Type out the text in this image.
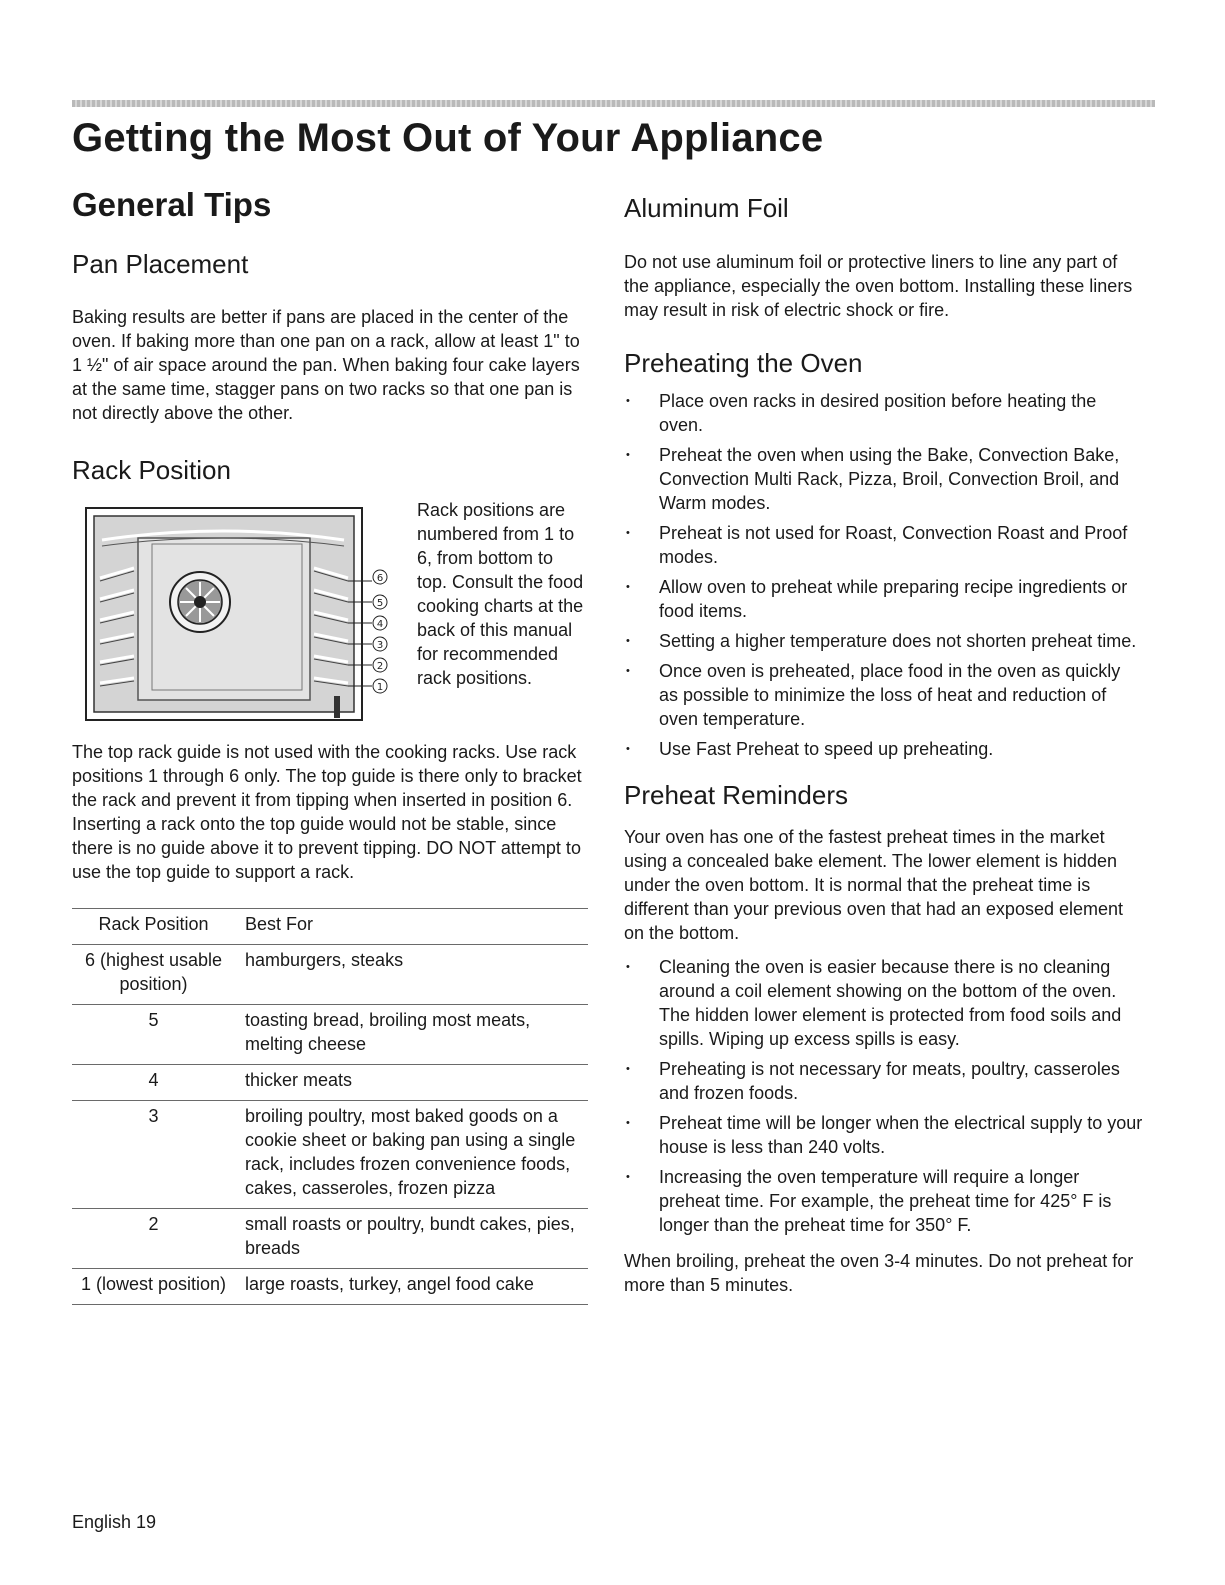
Getting the Most Out of Your Appliance
General Tips
Pan Placement

Baking results are better if pans are placed in the center of the oven. If baking more than one pan on a rack, allow at least 1" to 1 ½" of air space around the pan. When baking four cake layers at the same time, stagger pans on two racks so that one pan is not directly above the other.

Rack Position
6
5
4
3
2
1
Rack positions are numbered from 1 to 6, from bottom to top. Consult the food cooking charts at the back of this manual for recommended rack positions.

The top rack guide is not used with the cooking racks. Use rack positions 1 through 6 only. The top guide is there only to bracket the rack and prevent it from tipping when inserted in position 6. Inserting a rack onto the top guide would not be stable, since there is no guide above it to prevent tipping. DO NOT attempt to use the top guide to support a rack.

Rack Position	Best For
6 (highest usable position)	hamburgers, steaks
5	toasting bread, broiling most meats, melting cheese
4	thicker meats
3	broiling poultry, most baked goods on a cookie sheet or baking pan using a single rack, includes frozen convenience foods, cakes, casseroles, frozen pizza
2	small roasts or poultry, bundt cakes, pies, breads
1 (lowest position)	large roasts, turkey, angel food cake
Aluminum Foil

Do not use aluminum foil or protective liners to line any part of the appliance, especially the oven bottom. Installing these liners may result in risk of electric shock or fire.

Preheating the Oven
• Place oven racks in desired position before heating the oven.
• Preheat the oven when using the Bake, Convection Bake, Convection Multi Rack, Pizza, Broil, Convection Broil, and Warm modes.
• Preheat is not used for Roast, Convection Roast and Proof modes.
• Allow oven to preheat while preparing recipe ingredients or food items.
• Setting a higher temperature does not shorten preheat time.
• Once oven is preheated, place food in the oven as quickly as possible to minimize the loss of heat and reduction of oven temperature.
• Use Fast Preheat to speed up preheating.
Preheat Reminders

Your oven has one of the fastest preheat times in the market using a concealed bake element. The lower element is hidden under the oven bottom. It is normal that the preheat time is different than your previous oven that had an exposed element on the bottom.

• Cleaning the oven is easier because there is no cleaning around a coil element showing on the bottom of the oven. The hidden lower element is protected from food soils and spills. Wiping up excess spills is easy.
• Preheating is not necessary for meats, poultry, casseroles and frozen foods.
• Preheat time will be longer when the electrical supply to your house is less than 240 volts.
• Increasing the oven temperature will require a longer preheat time. For example, the preheat time for 425° F is longer than the preheat time for 350° F.

When broiling, preheat the oven 3-4 minutes. Do not preheat for more than 5 minutes.

English 19
